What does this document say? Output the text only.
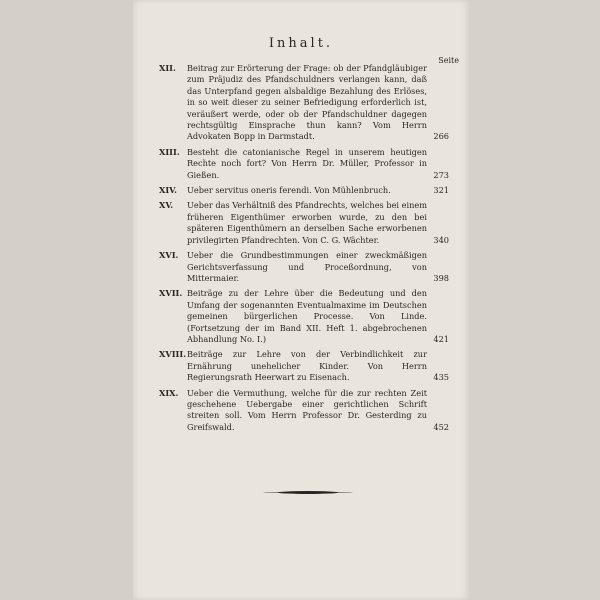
Inhalt.
Seite
XII.	Beitrag zur Erörterung der Frage: ob der Pfandgläubiger zum Präjudiz des Pfandschuldners verlangen kann, daß das Unterpfand gegen alsbaldige Bezahlung des Erlöses, in so weit dieser zu seiner Befriedigung erforderlich ist, veräußert werde, oder ob der Pfandschuldner dagegen rechtsgültig Einsprache thun kann? Vom Herrn Advokaten Bopp in Darmstadt.	266
XIII. Besteht die catonianische Regel in unserem heutigen Rechte noch fort? Von Herrn Dr. Müller, Professor in Gießen.	273
XIV.	Ueber servitus oneris ferendi. Von Mühlenbruch.	321
XV.	Ueber das Verhältniß des Pfandrechts, welches bei einem früheren Eigenthümer erworben wurde, zu den bei späteren Eigenthümern an derselben Sache erworbenen privilegirten Pfandrechten. Von C. G. Wächter.	340
XVI.	Ueber die Grundbestimmungen einer zweckmäßigen Gerichtsverfassung und Proceßordnung, von Mittermaier.	398
XVII. Beiträge zu der Lehre über die Bedeutung und den Umfang der sogenannten Eventualmaxime im Deutschen gemeinen bürgerlichen Processe. Von Linde. (Fortsetzung der im Band XII. Heft 1. abgebrochenen Abhandlung No. I.)	421
XVIII. Beiträge zur Lehre von der Verbindlichkeit zur Ernährung unehelicher Kinder. Von Herrn Regierungsrath Heerwart zu Eisenach.	435
XIX.	Ueber die Vermuthung, welche für die zur rechten Zeit geschehene Uebergabe einer gerichtlichen Schrift streiten soll. Vom Herrn Professor Dr. Gesterding zu Greifswald.	452
